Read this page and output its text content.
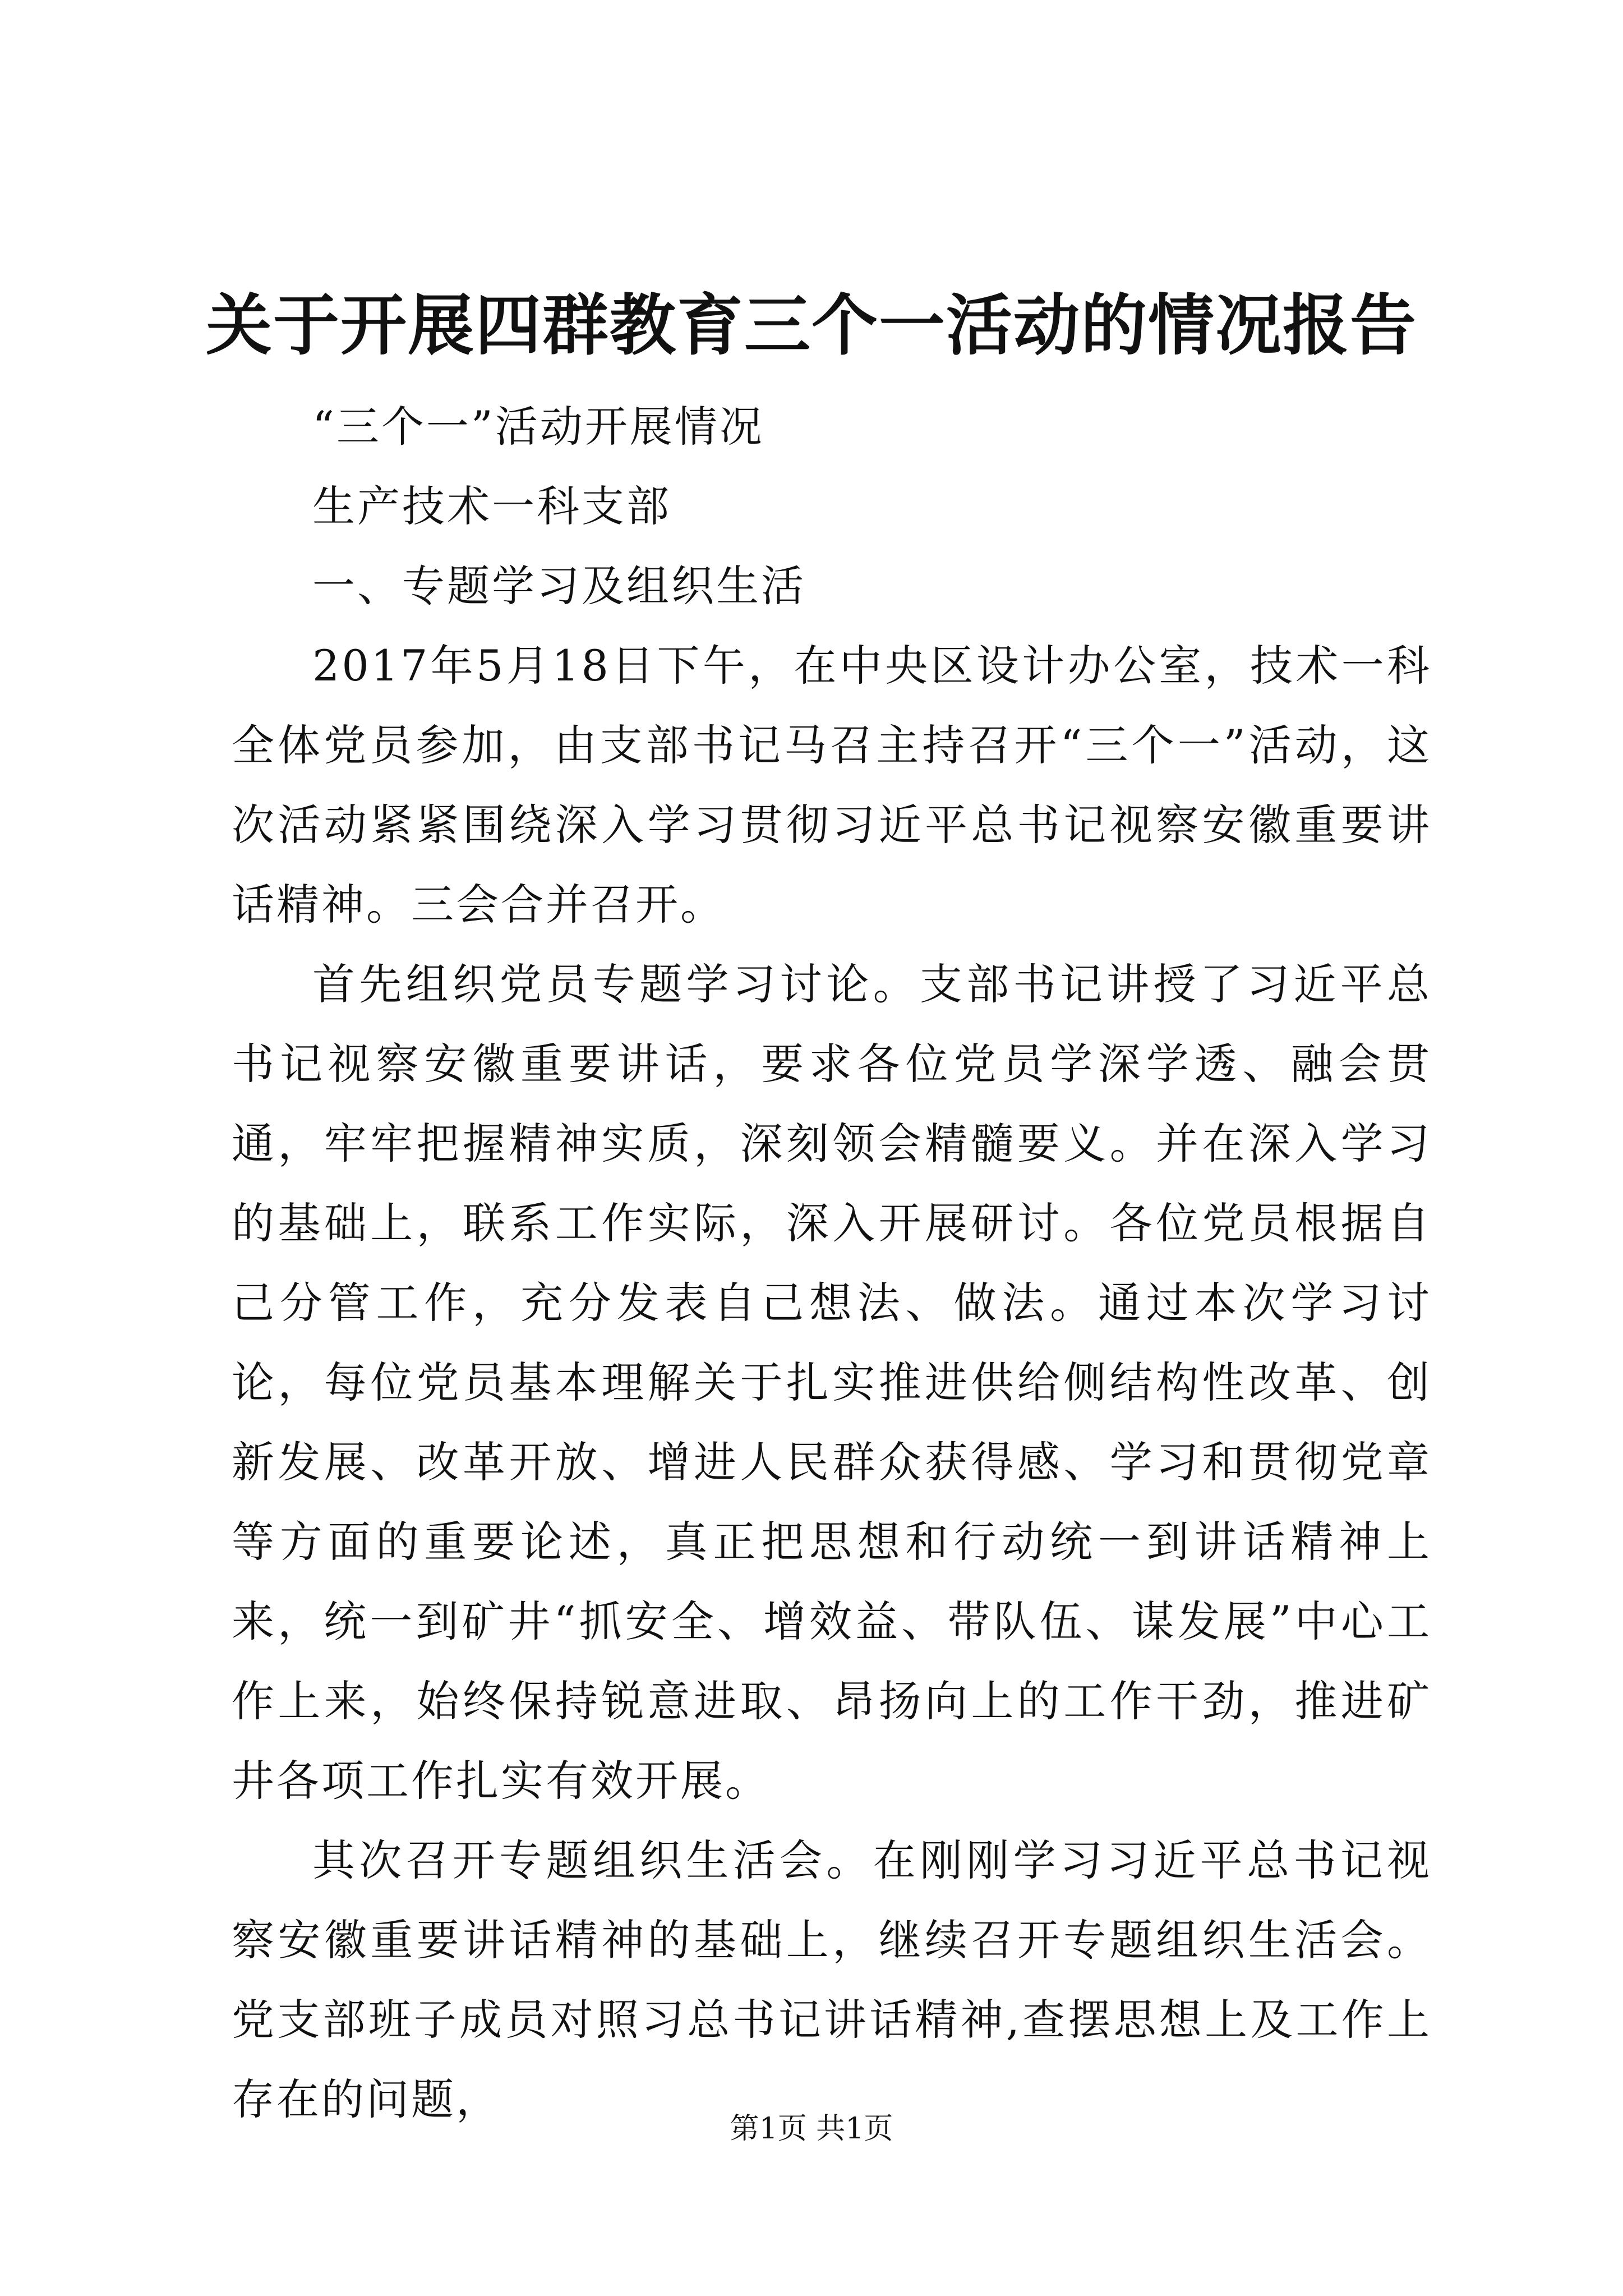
关于开展四群教育三个一活动的情况报告
“三个一”活动开展情况
生产技术一科支部
一、专题学习及组织生活

2017年5月18日下午，在中央区设计办公室，技术一科全体党员参加，由支部书记马召主持召开“三个一”活动，这次活动紧紧围绕深入学习贯彻习近平总书记视察安徽重要讲话精神。三会合并召开。

首先组织党员专题学习讨论。支部书记讲授了习近平总书记视察安徽重要讲话，要求各位党员学深学透、融会贯通，牢牢把握精神实质，深刻领会精髓要义。并在深入学习的基础上，联系工作实际，深入开展研讨。各位党员根据自己分管工作，充分发表自己想法、做法。通过本次学习讨论，每位党员基本理解关于扎实推进供给侧结构性改革、创新发展、改革开放、增进人民群众获得感、学习和贯彻党章等方面的重要论述，真正把思想和行动统一到讲话精神上来，统一到矿井“抓安全、增效益、带队伍、谋发展”中心工作上来，始终保持锐意进取、昂扬向上的工作干劲，推进矿井各项工作扎实有效开展。

其次召开专题组织生活会。在刚刚学习习近平总书记视察安徽重要讲话精神的基础上，继续召开专题组织生活会。党支部班子成员对照习总书记讲话精神,查摆思想上及工作上存在的问题，

第1页 共1页
